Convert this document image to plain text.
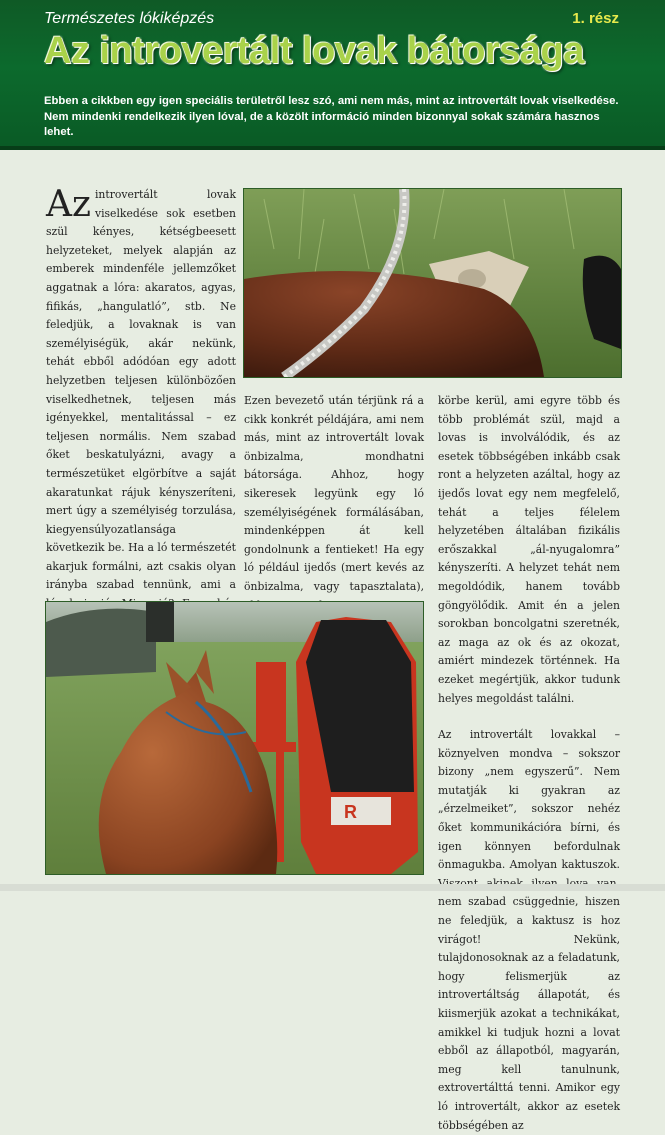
Természetes lókiképzés	1. rész
Az introvertált lovak bátorsága
Ebben a cikkben egy igen speciális területről lesz szó, ami nem más, mint az introvertált lovak viselkedése. Nem mindenki rendelkezik ilyen lóval, de a közölt információ minden bizonnyal sokak számára hasznos lehet.
Az introvertált lovak viselkedése sok esetben szül kényes, kétségbeesett helyzeteket, melyek alapján az emberek mindenféle jellemzőket aggatnak a lóra: akaratos, agyas, fifikás, „hangulatló”, stb. Ne feledjük, a lovaknak is van személyiségük, akár nekünk, tehát ebből adódóan egy adott helyzetben teljesen különbözően viselkedhetnek, teljesen más igényekkel, mentalitással – ez teljesen normális. Nem szabad őket beskatulyázni, avagy a természetüket elgörbítve a saját akaratunkat rájuk kényszeríteni, mert úgy a személyiség torzulása, kiegyensúlyozatlansága következik be. Ha a ló természetét akarjuk formálni, azt csakis olyan irányba szabad tennünk, ami a
Ezen bevezető után térjünk rá a cikk konkrét példájára, ami nem más, mint az introvertált lovak önbizalma, mondhatni bátorsága. Ahhoz, hogy sikeresek legyünk egy ló személyiségének formálásában, mindenképpen át kell gondolnunk a fentieket! Ha egy ló például ijedős (mert kevés az önbizalma, vagy tapasztalata),
körbe kerül, ami egyre több és több problémát szül, majd a lovas is involválódik, és az esetek többségében inkább csak ront a helyzeten azáltal, hogy az ijedős lovat egy nem megfelelő, tehát a teljes félelem helyzetében általában fizikális erőszakkal „ál-nyugalomra” kényszeríti. A helyzet tehát nem megoldódik, hanem tovább göngyölődik. Amit én a jelen sorokban boncolgatni szeretnék, az maga az ok és az okozat, amiért mindezek történnek. Ha ezeket megértjük, akkor tudunk helyes megoldást találni.
Az introvertált lovakkal – köznyelven mondva – sokszor bizony „nem egyszerű”. Nem mutatják ki gyakran az „érzelmeiket”, sokszor nehéz őket kommunikációra bírni, és igen könnyen befordulnak önmagukba. Amolyan kaktuszok. nem szabad csüggednie, hiszen ne feledjük, a kaktusz is hoz virágot! Nekünk, tulajdonosoknak az a feladatunk, hogy felismerjük az introvertáltság állapotát, és kiismerjük azokat a technikákat, amikkel ki tudjuk hozni a lovat ebből az állapotból, magyarán, meg kell tanulnunk, extrovertálttá tenni. Amikor egy ló introvertált, akkor az esetek többségében az
R
